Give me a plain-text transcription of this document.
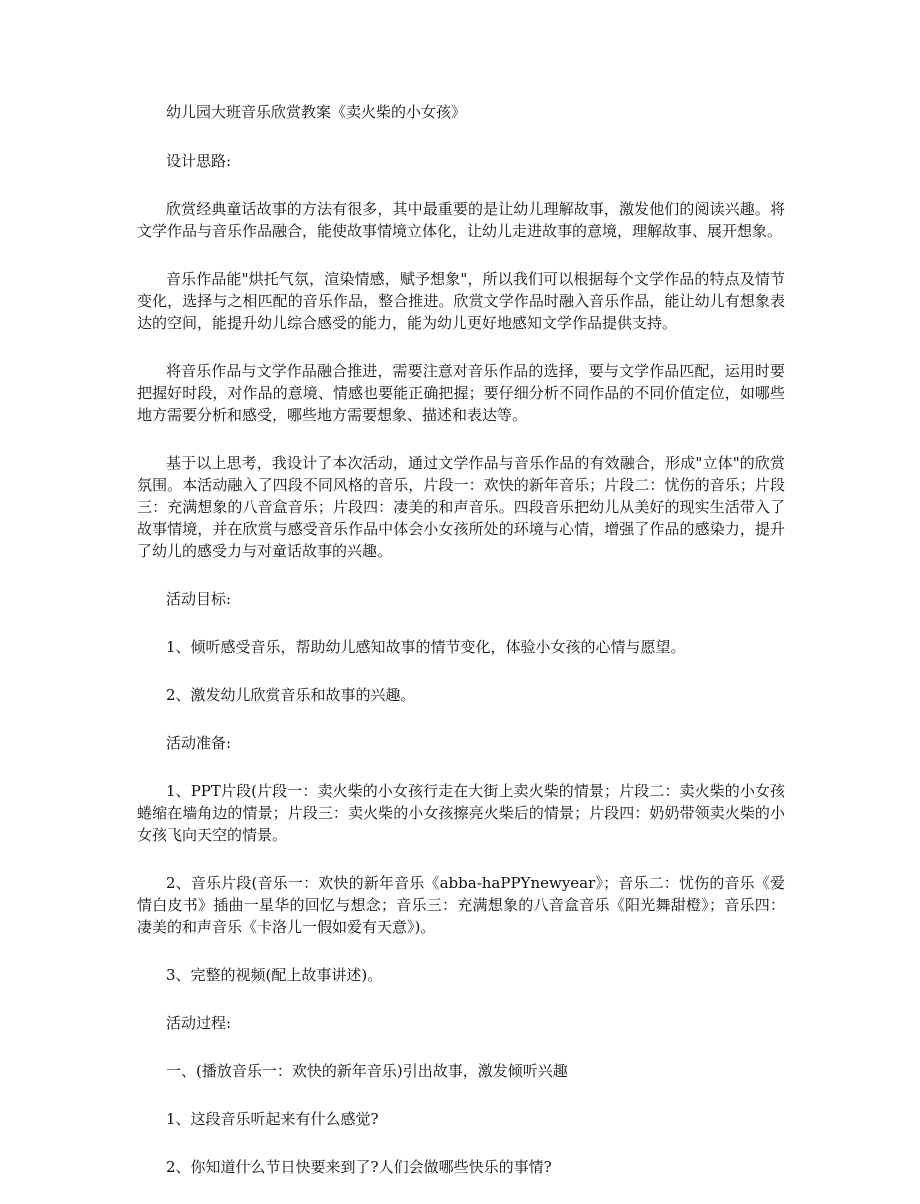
幼儿园大班音乐欣赏教案《卖火柴的小女孩》

设计思路:

欣赏经典童话故事的方法有很多，其中最重要的是让幼儿理解故事，激发他们的阅读兴趣。将文学作品与音乐作品融合，能使故事情境立体化，让幼儿走进故事的意境，理解故事、展开想象。

音乐作品能"烘托气氛，渲染情感，赋予想象"，所以我们可以根据每个文学作品的特点及情节变化，选择与之相匹配的音乐作品，整合推进。欣赏文学作品时融入音乐作品，能让幼儿有想象表达的空间，能提升幼儿综合感受的能力，能为幼儿更好地感知文学作品提供支持。

将音乐作品与文学作品融合推进，需要注意对音乐作品的选择，要与文学作品匹配，运用时要把握好时段，对作品的意境、情感也要能正确把握；要仔细分析不同作品的不同价值定位，如哪些地方需要分析和感受，哪些地方需要想象、描述和表达等。

基于以上思考，我设计了本次活动，通过文学作品与音乐作品的有效融合，形成"立体"的欣赏氛围。本活动融入了四段不同风格的音乐，片段一：欢快的新年音乐；片段二：忧伤的音乐；片段三：充满想象的八音盒音乐；片段四：凄美的和声音乐。四段音乐把幼儿从美好的现实生活带入了故事情境，并在欣赏与感受音乐作品中体会小女孩所处的环境与心情，增强了作品的感染力，提升了幼儿的感受力与对童话故事的兴趣。

活动目标:

1、倾听感受音乐，帮助幼儿感知故事的情节变化，体验小女孩的心情与愿望。

2、激发幼儿欣赏音乐和故事的兴趣。

活动准备:

1、PPT片段(片段一：卖火柴的小女孩行走在大街上卖火柴的情景；片段二：卖火柴的小女孩蜷缩在墙角边的情景；片段三：卖火柴的小女孩擦亮火柴后的情景；片段四：奶奶带领卖火柴的小女孩飞向天空的情景。

2、音乐片段(音乐一：欢快的新年音乐《abba-haPPYnewyear》；音乐二：忧伤的音乐《爱情白皮书》插曲一星华的回忆与想念；音乐三：充满想象的八音盒音乐《阳光舞甜橙》；音乐四：凄美的和声音乐《卡洛儿一假如爱有天意》)。

3、完整的视频(配上故事讲述)。

活动过程:

一、(播放音乐一：欢快的新年音乐)引出故事，激发倾听兴趣

1、这段音乐听起来有什么感觉?

2、你知道什么节日快要来到了?人们会做哪些快乐的事情?
